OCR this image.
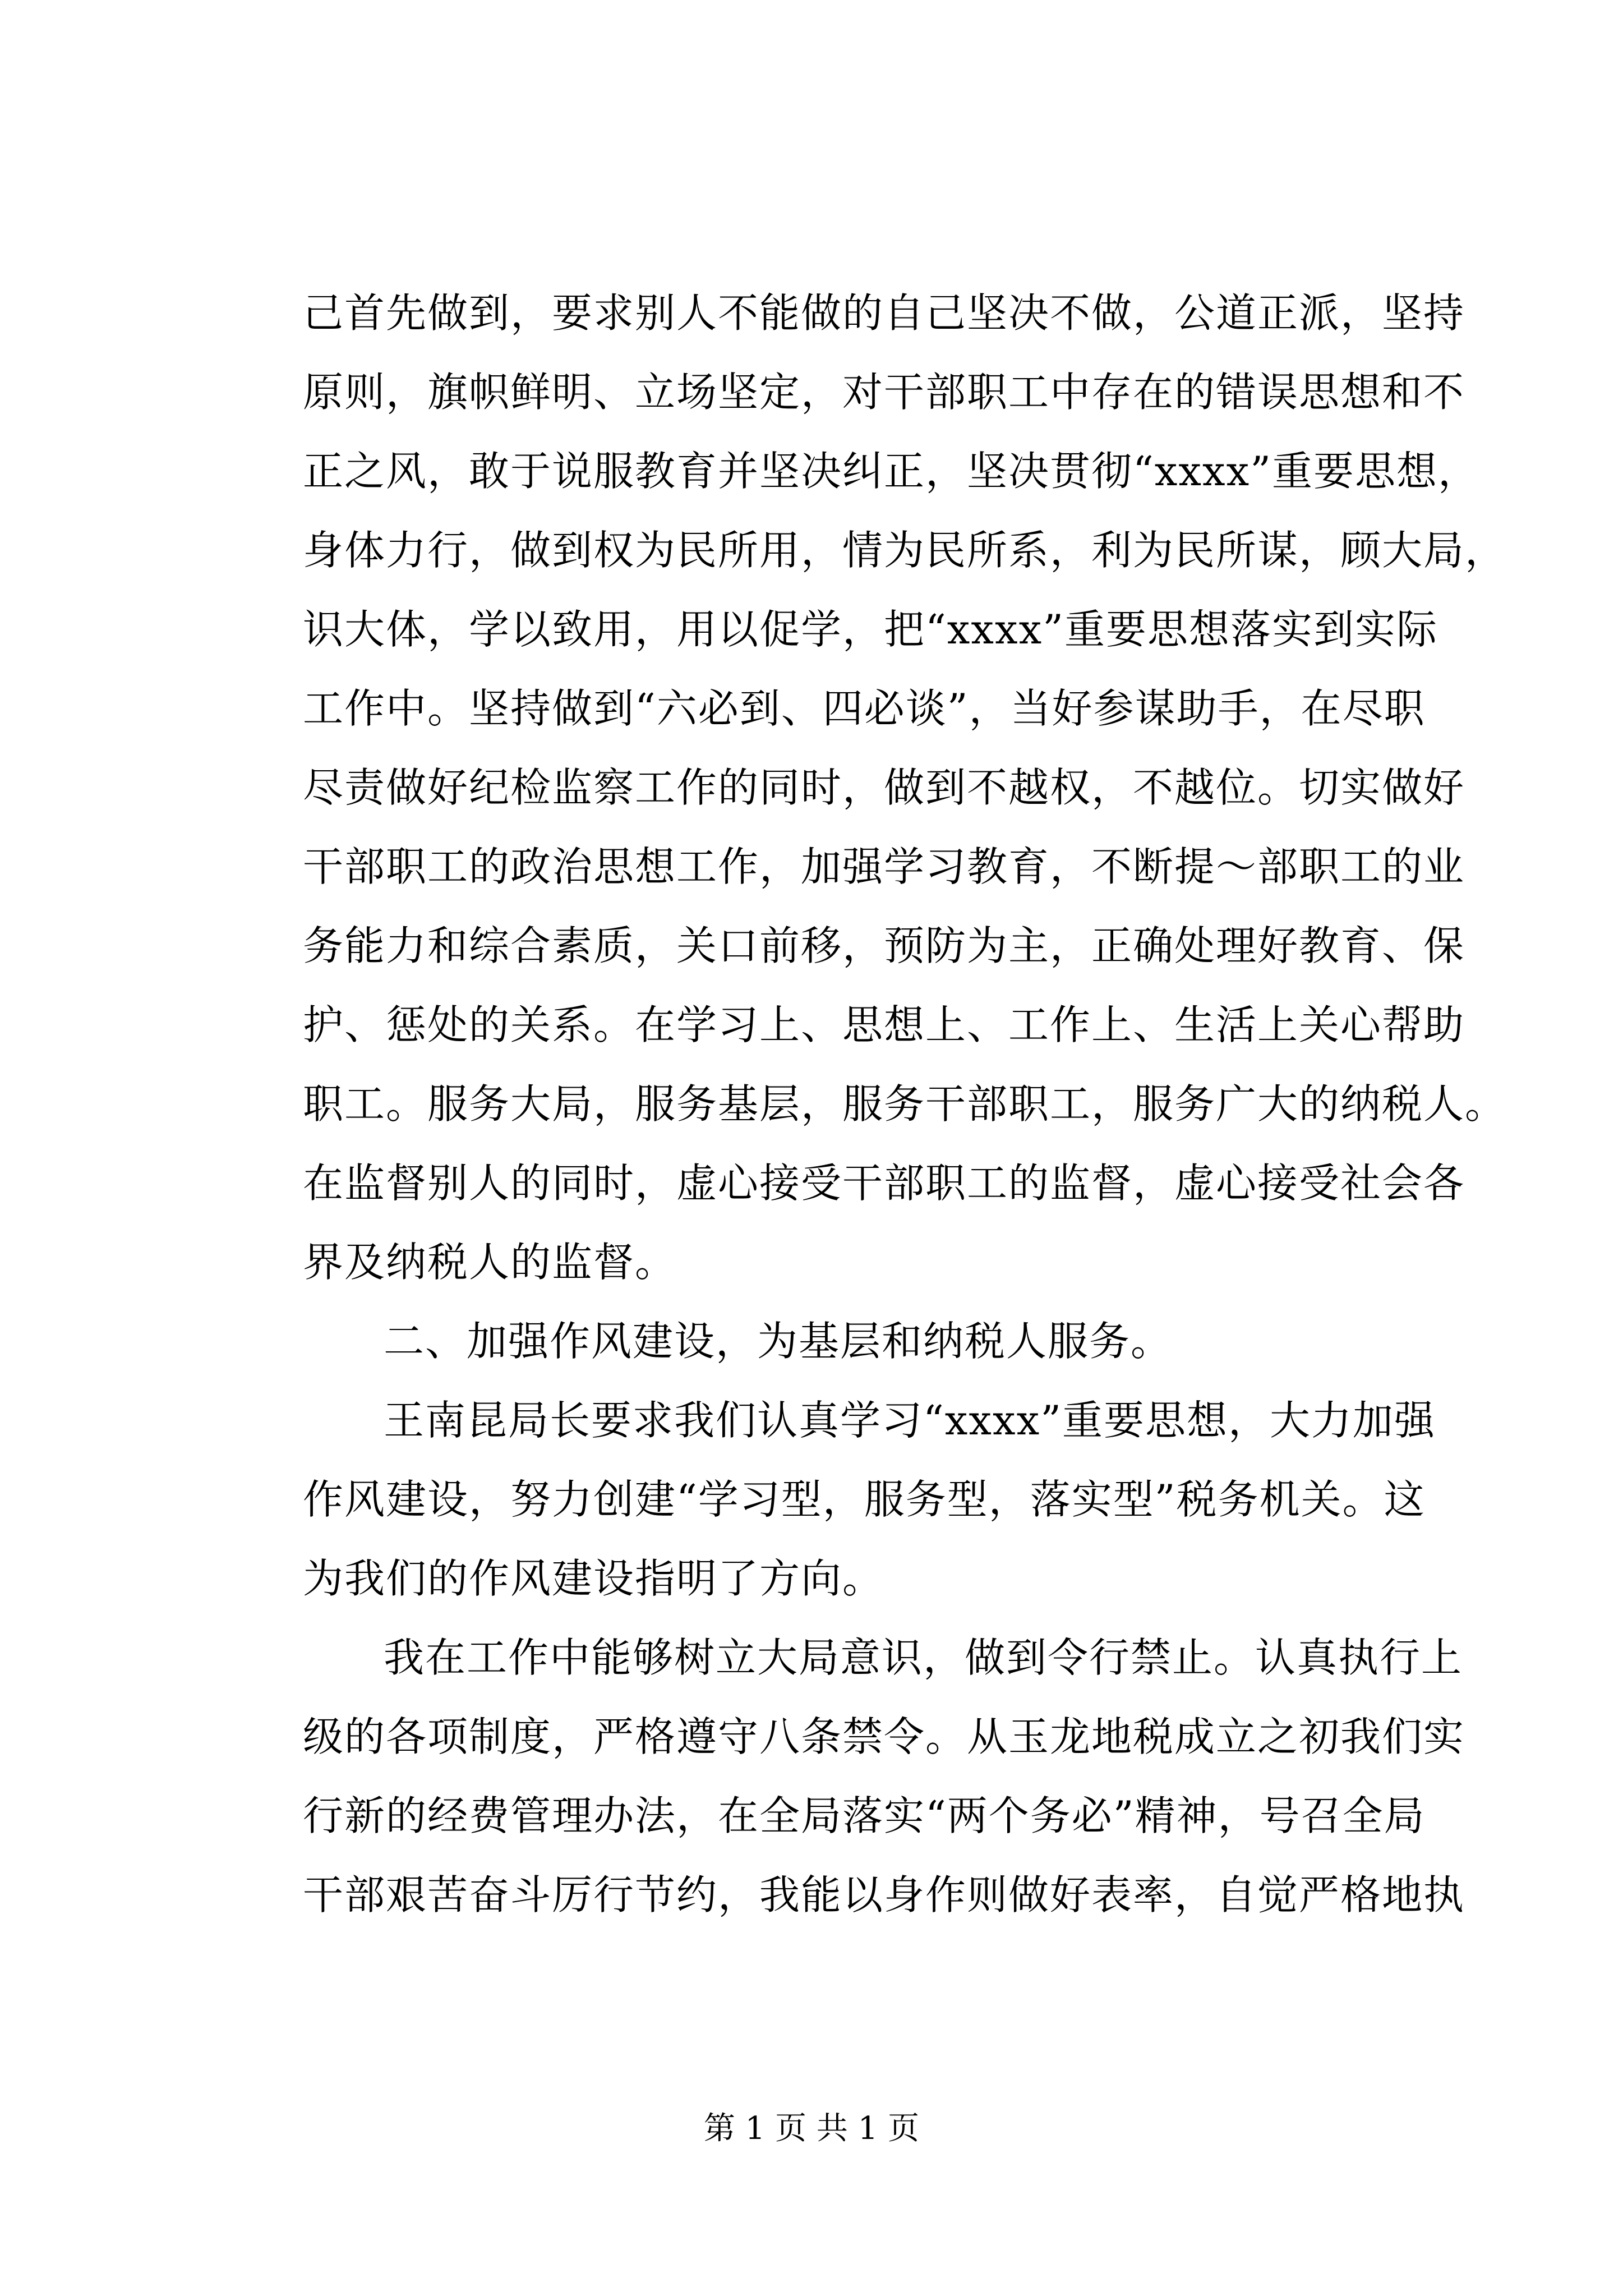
己首先做到，要求别人不能做的自己坚决不做，公道正派，坚持
原则，旗帜鲜明、立场坚定，对干部职工中存在的错误思想和不
正之风，敢于说服教育并坚决纠正，坚决贯彻“xxxx”重要思想，
身体力行，做到权为民所用，情为民所系，利为民所谋，顾大局，
识大体，学以致用，用以促学，把“xxxx”重要思想落实到实际
工作中。坚持做到“六必到、四必谈”，当好参谋助手，在尽职
尽责做好纪检监察工作的同时，做到不越权，不越位。切实做好
干部职工的政治思想工作，加强学习教育，不断提～部职工的业
务能力和综合素质，关口前移，预防为主，正确处理好教育、保
护、惩处的关系。在学习上、思想上、工作上、生活上关心帮助
职工。服务大局，服务基层，服务干部职工，服务广大的纳税人。
在监督别人的同时，虚心接受干部职工的监督，虚心接受社会各
界及纳税人的监督。
二、加强作风建设，为基层和纳税人服务。
王南昆局长要求我们认真学习“xxxx”重要思想，大力加强
作风建设，努力创建“学习型，服务型，落实型”税务机关。这
为我们的作风建设指明了方向。
我在工作中能够树立大局意识，做到令行禁止。认真执行上
级的各项制度，严格遵守八条禁令。从玉龙地税成立之初我们实
行新的经费管理办法，在全局落实“两个务必”精神，号召全局
干部艰苦奋斗厉行节约，我能以身作则做好表率，自觉严格地执
第 1 页 共 1 页
